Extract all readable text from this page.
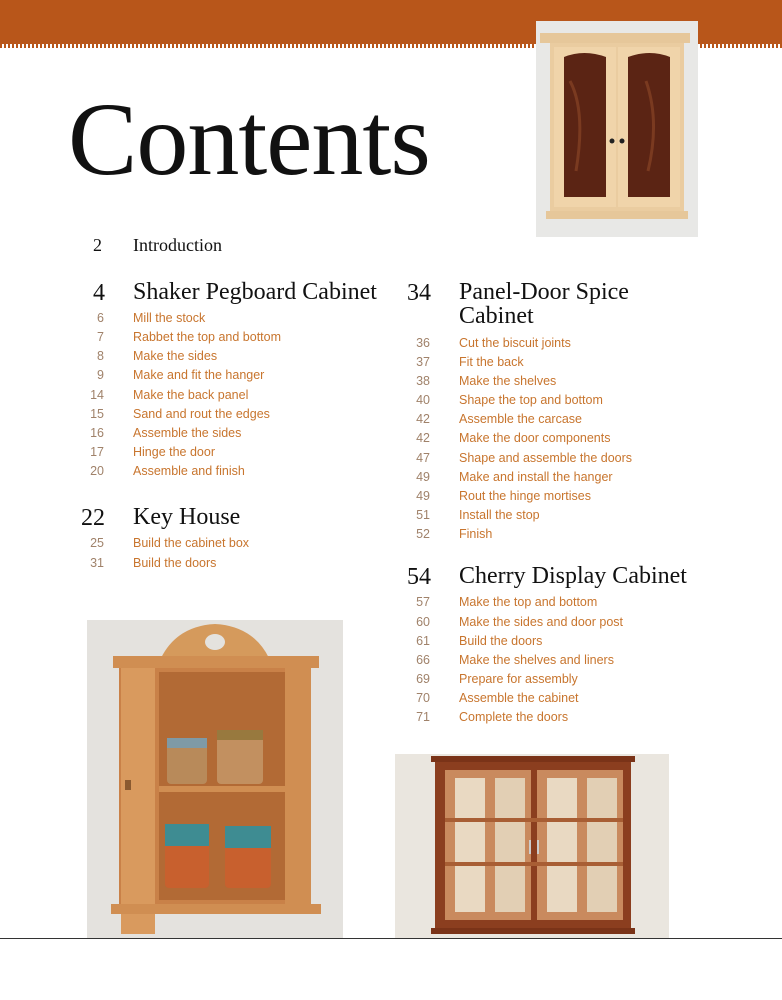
Contents
2 Introduction
4 Shaker Pegboard Cabinet
6 Mill the stock
7 Rabbet the top and bottom
8 Make the sides
9 Make and fit the hanger
14 Make the back panel
15 Sand and rout the edges
16 Assemble the sides
17 Hinge the door
20 Assemble and finish
22 Key House
25 Build the cabinet box
31 Build the doors
34 Panel-Door Spice
Cabinet
36 Cut the biscuit joints
37 Fit the back
38 Make the shelves
40 Shape the top and bottom
42 Assemble the carcase
42 Make the door components
47 Shape and assemble the doors
49 Make and install the hanger
49 Rout the hinge mortises
51 Install the stop
52 Finish
54 Cherry Display Cabinet
57 Make the top and bottom
60 Make the sides and door post
61 Build the doors
66 Make the shelves and liners
69 Prepare for assembly
70 Assemble the cabinet
71 Complete the doors
